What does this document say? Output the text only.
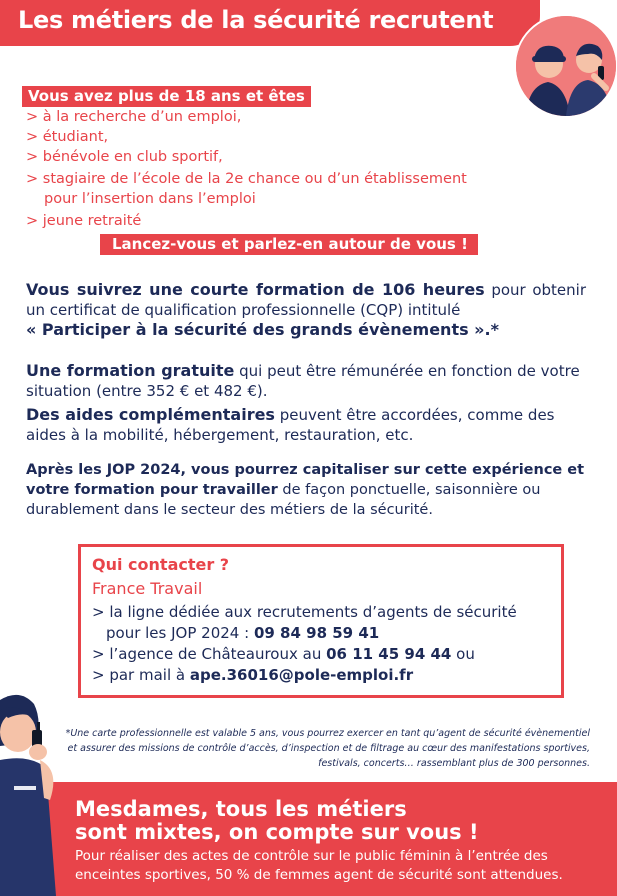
Les métiers de la sécurité recrutent
Vous avez plus de 18 ans et êtes
> à la recherche d’un emploi,
> étudiant,
> bénévole en club sportif,
> stagiaire de l’école de la 2e chance ou d’un établissement
pour l’insertion dans l’emploi
> jeune retraité
Lancez-vous et parlez-en autour de vous !
Vous suivrez une courte formation de 106 heures pour obtenir un certificat de qualification professionnelle (CQP) intitulé
« Participer à la sécurité des grands évènements ».*
Une formation gratuite qui peut être rémunérée en fonction de votre situation (entre 352 € et 482 €).
Des aides complémentaires peuvent être accordées, comme des aides à la mobilité, hébergement, restauration, etc.
Après les JOP 2024, vous pourrez capitaliser sur cette expérience et votre formation pour travailler de façon ponctuelle, saisonnière ou durablement dans le secteur des métiers de la sécurité.
Qui contacter ?
France Travail
> la ligne dédiée aux recrutements d’agents de sécurité
pour les JOP 2024 : 09 84 98 59 41
> l’agence de Châteauroux au 06 11 45 94 44 ou
> par mail à ape.36016@pole-emploi.fr
*Une carte professionnelle est valable 5 ans, vous pourrez exercer en tant qu’agent de sécurité évènementiel et assurer des missions de contrôle d’accès, d’inspection et de filtrage au cœur des manifestations sportives, festivals, concerts… rassemblant plus de 300 personnes.
Mesdames, tous les métiers
sont mixtes, on compte sur vous !
Pour réaliser des actes de contrôle sur le public féminin à l’entrée des
enceintes sportives, 50 % de femmes agent de sécurité sont attendues.
